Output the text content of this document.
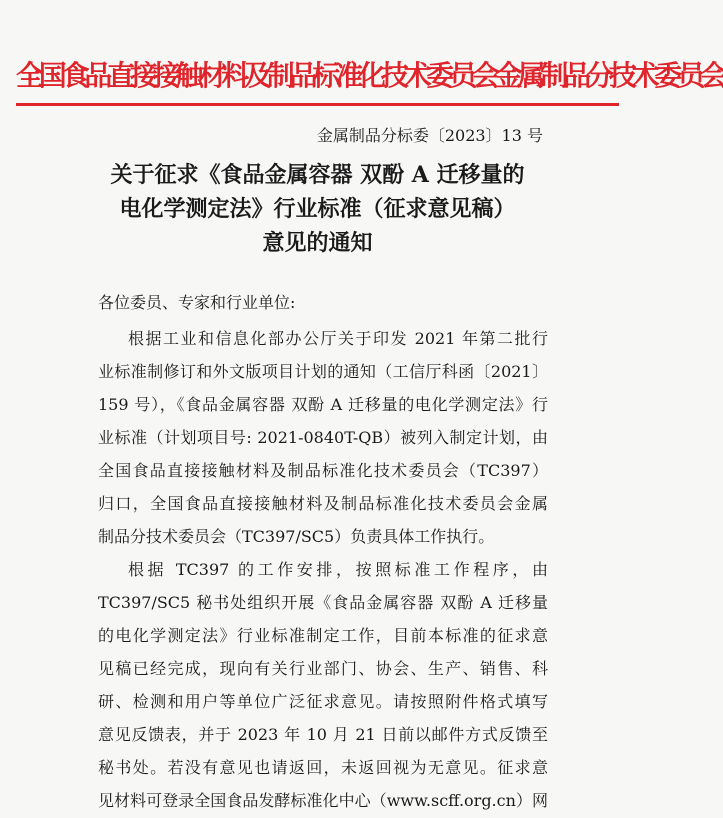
全国食品直接接触材料及制品标准化技术委员会金属制品分技术委员会
金属制品分标委〔2023〕13 号
关于征求《食品金属容器 双酚 A 迁移量的
电化学测定法》行业标准（征求意见稿）
意见的通知
各位委员、专家和行业单位:
根据工业和信息化部办公厅关于印发 2021 年第二批行
业标准制修订和外文版项目计划的通知（工信厅科函〔2021〕
159 号），《食品金属容器 双酚 A 迁移量的电化学测定法》行
业标准（计划项目号: 2021-0840T-QB）被列入制定计划，由
全国食品直接接触材料及制品标准化技术委员会（TC397）
归口，全国食品直接接触材料及制品标准化技术委员会金属
制品分技术委员会（TC397/SC5）负责具体工作执行。
根据 TC397 的工作安排，按照标准工作程序，由
TC397/SC5 秘书处组织开展《食品金属容器 双酚 A 迁移量
的电化学测定法》行业标准制定工作，目前本标准的征求意
见稿已经完成，现向有关行业部门、协会、生产、销售、科
研、检测和用户等单位广泛征求意见。请按照附件格式填写
意见反馈表，并于 2023 年 10 月 21 日前以邮件方式反馈至
秘书处。若没有意见也请返回，未返回视为无意见。征求意
见材料可登录全国食品发酵标准化中心（www.scff.org.cn）网
